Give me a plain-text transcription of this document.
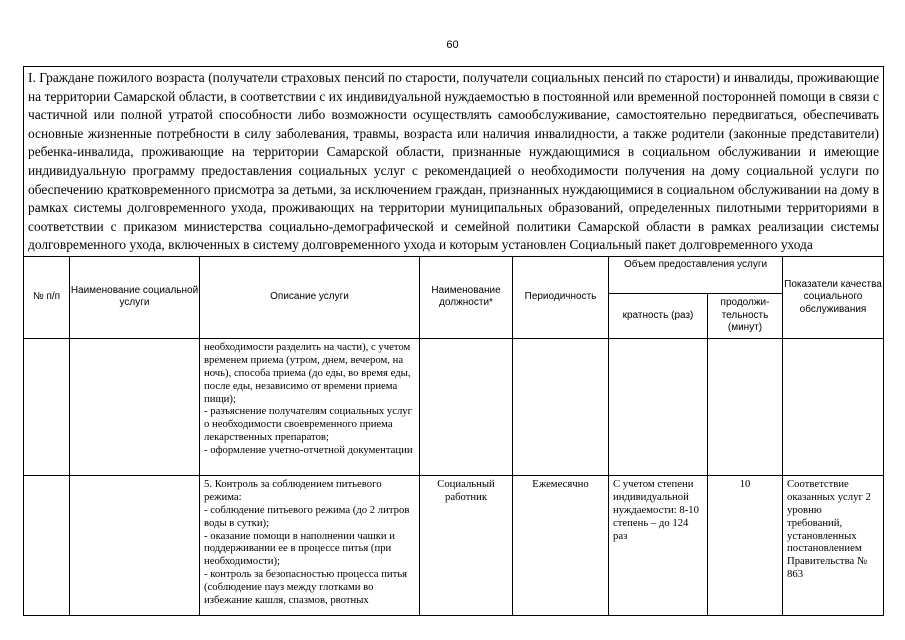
60
I. Граждане пожилого возраста (получатели страховых пенсий по старости, получатели социальных пенсий по старости) и инвалиды, проживающие на территории Самарской области, в соответствии с их индивидуальной нуждаемостью в постоянной или временной посторонней помощи в связи с частичной или полной утратой способности либо возможности осуществлять самообслуживание, самостоятельно передвигаться, обеспечивать основные жизненные потребности в силу заболевания, травмы, возраста или наличия инвалидности, а также родители (законные представители) ребенка-инвалида, проживающие на территории Самарской области, признанные нуждающимися в социальном обслуживании и имеющие индивидуальную программу предоставления социальных услуг с рекомендацией о необходимости получения на дому социальной услуги по обеспечению кратковременного присмотра за детьми, за исключением граждан, признанных нуждающимися в социальном обслуживании на дому в рамках системы долговременного ухода, проживающих на территории муниципальных образований, определенных пилотными территориями в соответствии с приказом министерства социально-демографической и семейной политики Самарской области в рамках реализации системы долговременного ухода, включенных в систему долговременного ухода и которым установлен Социальный пакет долговременного ухода							
№ п/п	Наименование социальной услуги	Описание услуги	Наименование должности*	Периодичность	Объем предоставления услуги		Показатели качества социального обслуживания
					кратность (раз)	продолжи-тельность (минут)	

		необходимости разделить на части), с учетом временем приема (утром, днем, вечером, на ночь), способа приема (до еды, во время еды, после еды, независимо от времени приема пищи);
- разъяснение получателям социальных услуг о необходимости своевременного приема лекарственных препаратов;
- оформление учетно-отчетной документации					

		5. Контроль за соблюдением питьевого режима:
- соблюдение питьевого режима (до 2 литров воды в сутки);
- оказание помощи в наполнении чашки и поддерживании ее в процессе питья (при необходимости);
- контроль за безопасностью процесса питья (соблюдение пауз между глотками во избежание кашля, спазмов, рвотных	Социальный работник	Ежемесячно	С учетом степени индивидуальной нуждаемости: 8-10 степень – до 124 раз	10	Соответствие оказанных услуг 2 уровню требований, установленных постановлением Правительства № 863
